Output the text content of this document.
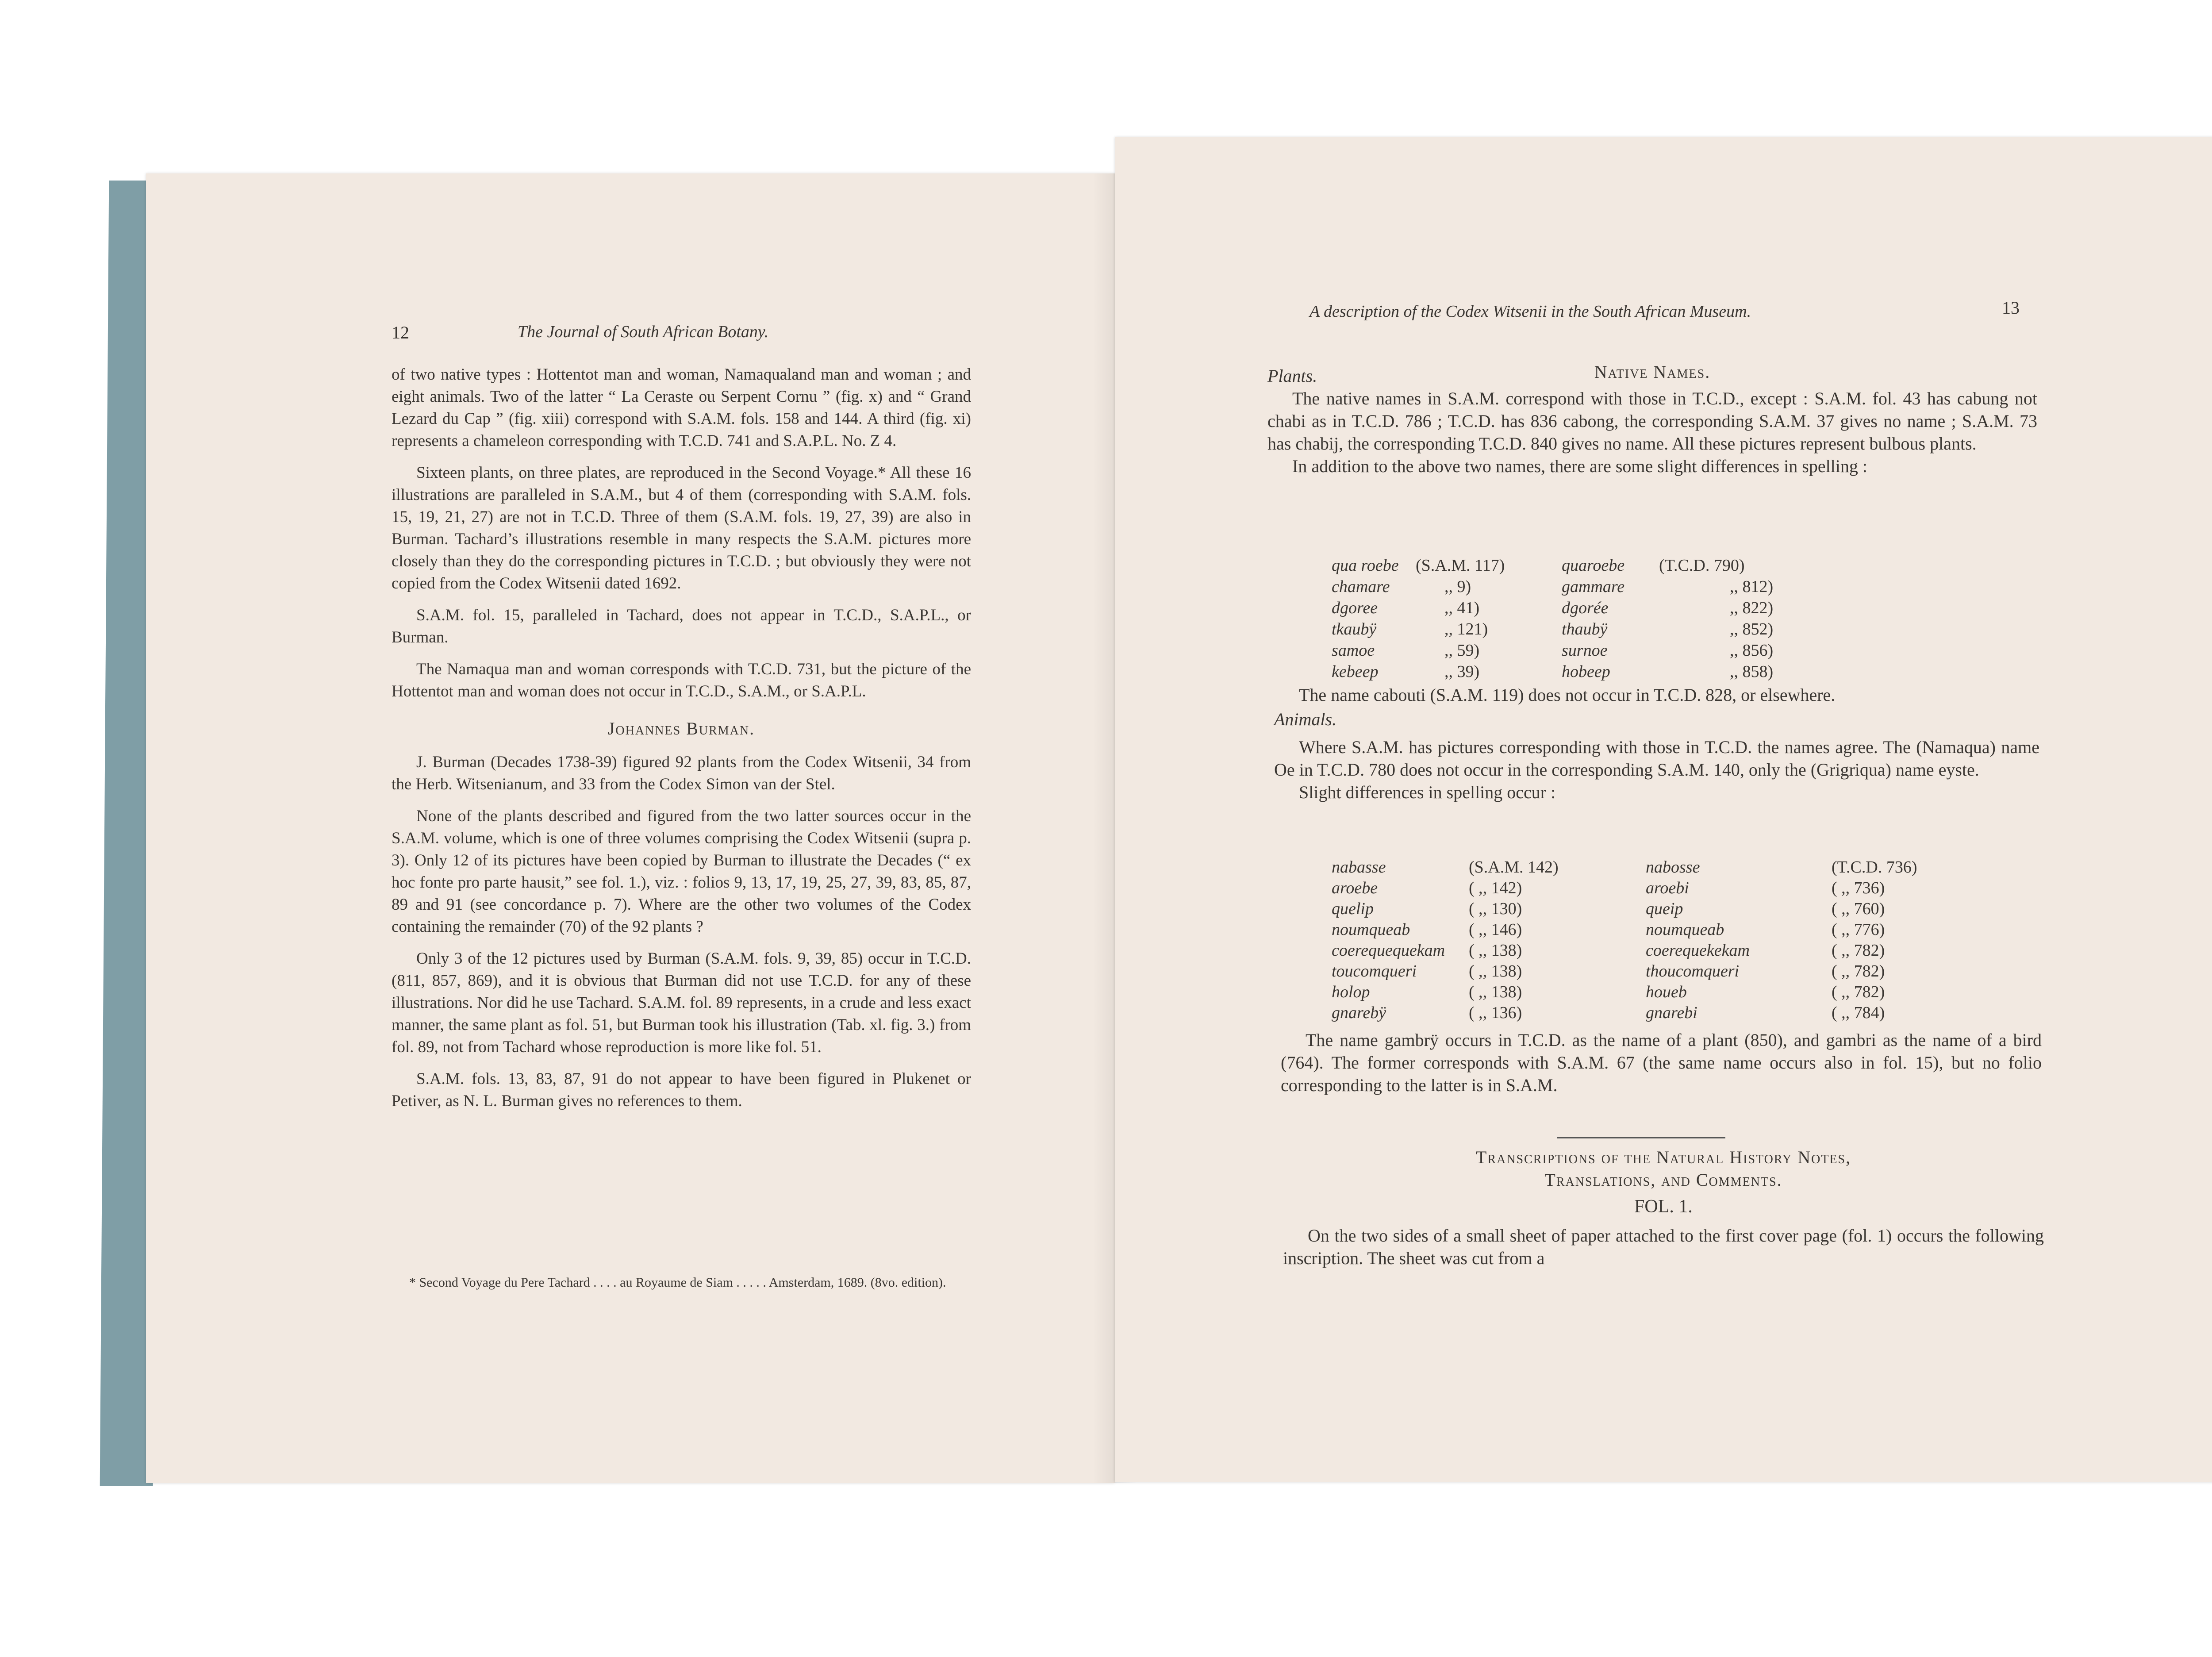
12	The Journal of South African Botany.

of two native types : Hottentot man and woman, Namaqualand man and woman ; and eight animals. Two of the latter “ La Ceraste ou Serpent Cornu ” (fig. x) and “ Grand Lezard du Cap ” (fig. xiii) correspond with S.A.M. fols. 158 and 144. A third (fig. xi) represents a chameleon corresponding with T.C.D. 741 and S.A.P.L. No. Z 4.

Sixteen plants, on three plates, are reproduced in the Second Voyage.* All these 16 illustrations are paralleled in S.A.M., but 4 of them (corresponding with S.A.M. fols. 15, 19, 21, 27) are not in T.C.D. Three of them (S.A.M. fols. 19, 27, 39) are also in Burman. Tachard’s illustrations resemble in many respects the S.A.M. pictures more closely than they do the corresponding pictures in T.C.D. ; but obviously they were not copied from the Codex Witsenii dated 1692.

S.A.M. fol. 15, paralleled in Tachard, does not appear in T.C.D., S.A.P.L., or Burman.

The Namaqua man and woman corresponds with T.C.D. 731, but the picture of the Hottentot man and woman does not occur in T.C.D., S.A.M., or S.A.P.L.

Johannes Burman.

J. Burman (Decades 1738-39) figured 92 plants from the Codex Witsenii, 34 from the Herb. Witsenianum, and 33 from the Codex Simon van der Stel.

None of the plants described and figured from the two latter sources occur in the S.A.M. volume, which is one of three volumes comprising the Codex Witsenii (supra p. 3). Only 12 of its pictures have been copied by Burman to illustrate the Decades (“ ex hoc fonte pro parte hausit,” see fol. 1.), viz. : folios 9, 13, 17, 19, 25, 27, 39, 83, 85, 87, 89 and 91 (see concordance p. 7). Where are the other two volumes of the Codex containing the remainder (70) of the 92 plants ?

Only 3 of the 12 pictures used by Burman (S.A.M. fols. 9, 39, 85) occur in T.C.D. (811, 857, 869), and it is obvious that Burman did not use T.C.D. for any of these illustrations. Nor did he use Tachard. S.A.M. fol. 89 represents, in a crude and less exact manner, the same plant as fol. 51, but Burman took his illustration (Tab. xl. fig. 3.) from fol. 89, not from Tachard whose reproduction is more like fol. 51.

S.A.M. fols. 13, 83, 87, 91 do not appear to have been figured in Plukenet or Petiver, as N. L. Burman gives no references to them.

* Second Voyage du Pere Tachard . . . . au Royaume de Siam . . . . . Amsterdam, 1689. (8vo. edition).
A description of the Codex Witsenii in the South African Museum.	13
Native Names.
Plants.

The native names in S.A.M. correspond with those in T.C.D., except : S.A.M. fol. 43 has cabung not chabi as in T.C.D. 786 ; T.C.D. has 836 cabong, the corresponding S.A.M. 37 gives no name ; S.A.M. 73 has chabij, the corresponding T.C.D. 840 gives no name. All these pictures represent bulbous plants.

In addition to the above two names, there are some slight differences in spelling :

qua roebe (S.A.M. 117)	quaroebe (T.C.D. 790)
chamare	,, 9)	gammare	,, 812)
dgoree	,, 41)	dgorée	,, 822)
tkaubÿ	,, 121)	thaubÿ	,, 852)
samoe	,, 59)	surnoe	,, 856)
kebeep	,, 39)	hobeep	,, 858)

The name cabouti (S.A.M. 119) does not occur in T.C.D. 828, or elsewhere.

Animals.

Where S.A.M. has pictures corresponding with those in T.C.D. the names agree. The (Namaqua) name Oe in T.C.D. 780 does not occur in the corresponding S.A.M. 140, only the (Grigriqua) name eyste.

Slight differences in spelling occur :

nabasse	(S.A.M. 142)	nabosse	(T.C.D. 736)
aroebe	( ,, 142)	aroebi	( ,, 736)
quelip	( ,, 130)	queip	( ,, 760)
noumqueab	( ,, 146)	noumqueab	( ,, 776)
coerequequekam ( ,, 138)	coerequekekam	( ,, 782)
toucomqueri	( ,, 138)	thoucomqueri	( ,, 782)
holop	( ,, 138)	houeb	( ,, 782)
gnarebÿ	( ,, 136)	gnarebi	( ,, 784)

The name gambrÿ occurs in T.C.D. as the name of a plant (850), and gambri as the name of a bird (764). The former corresponds with S.A.M. 67 (the same name occurs also in fol. 15), but no folio corresponding to the latter is in S.A.M.

Transcriptions of the Natural History Notes,
Translations, and Comments.
FOL. 1.

On the two sides of a small sheet of paper attached to the first cover page (fol. 1) occurs the following inscription. The sheet was cut from a
